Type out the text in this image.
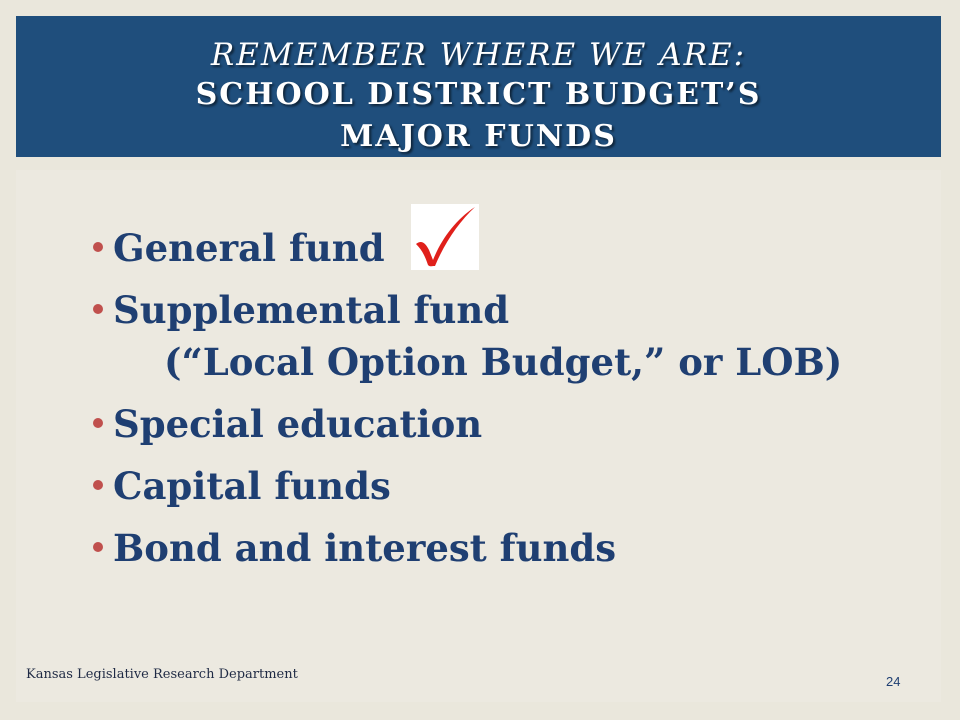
REMEMBER WHERE WE ARE:
SCHOOL DISTRICT BUDGET’S
MAJOR FUNDS
General fund
Supplemental fund
(“Local Option Budget,” or LOB)
Special education
Capital funds
Bond and interest funds
Kansas Legislative Research Department	24
